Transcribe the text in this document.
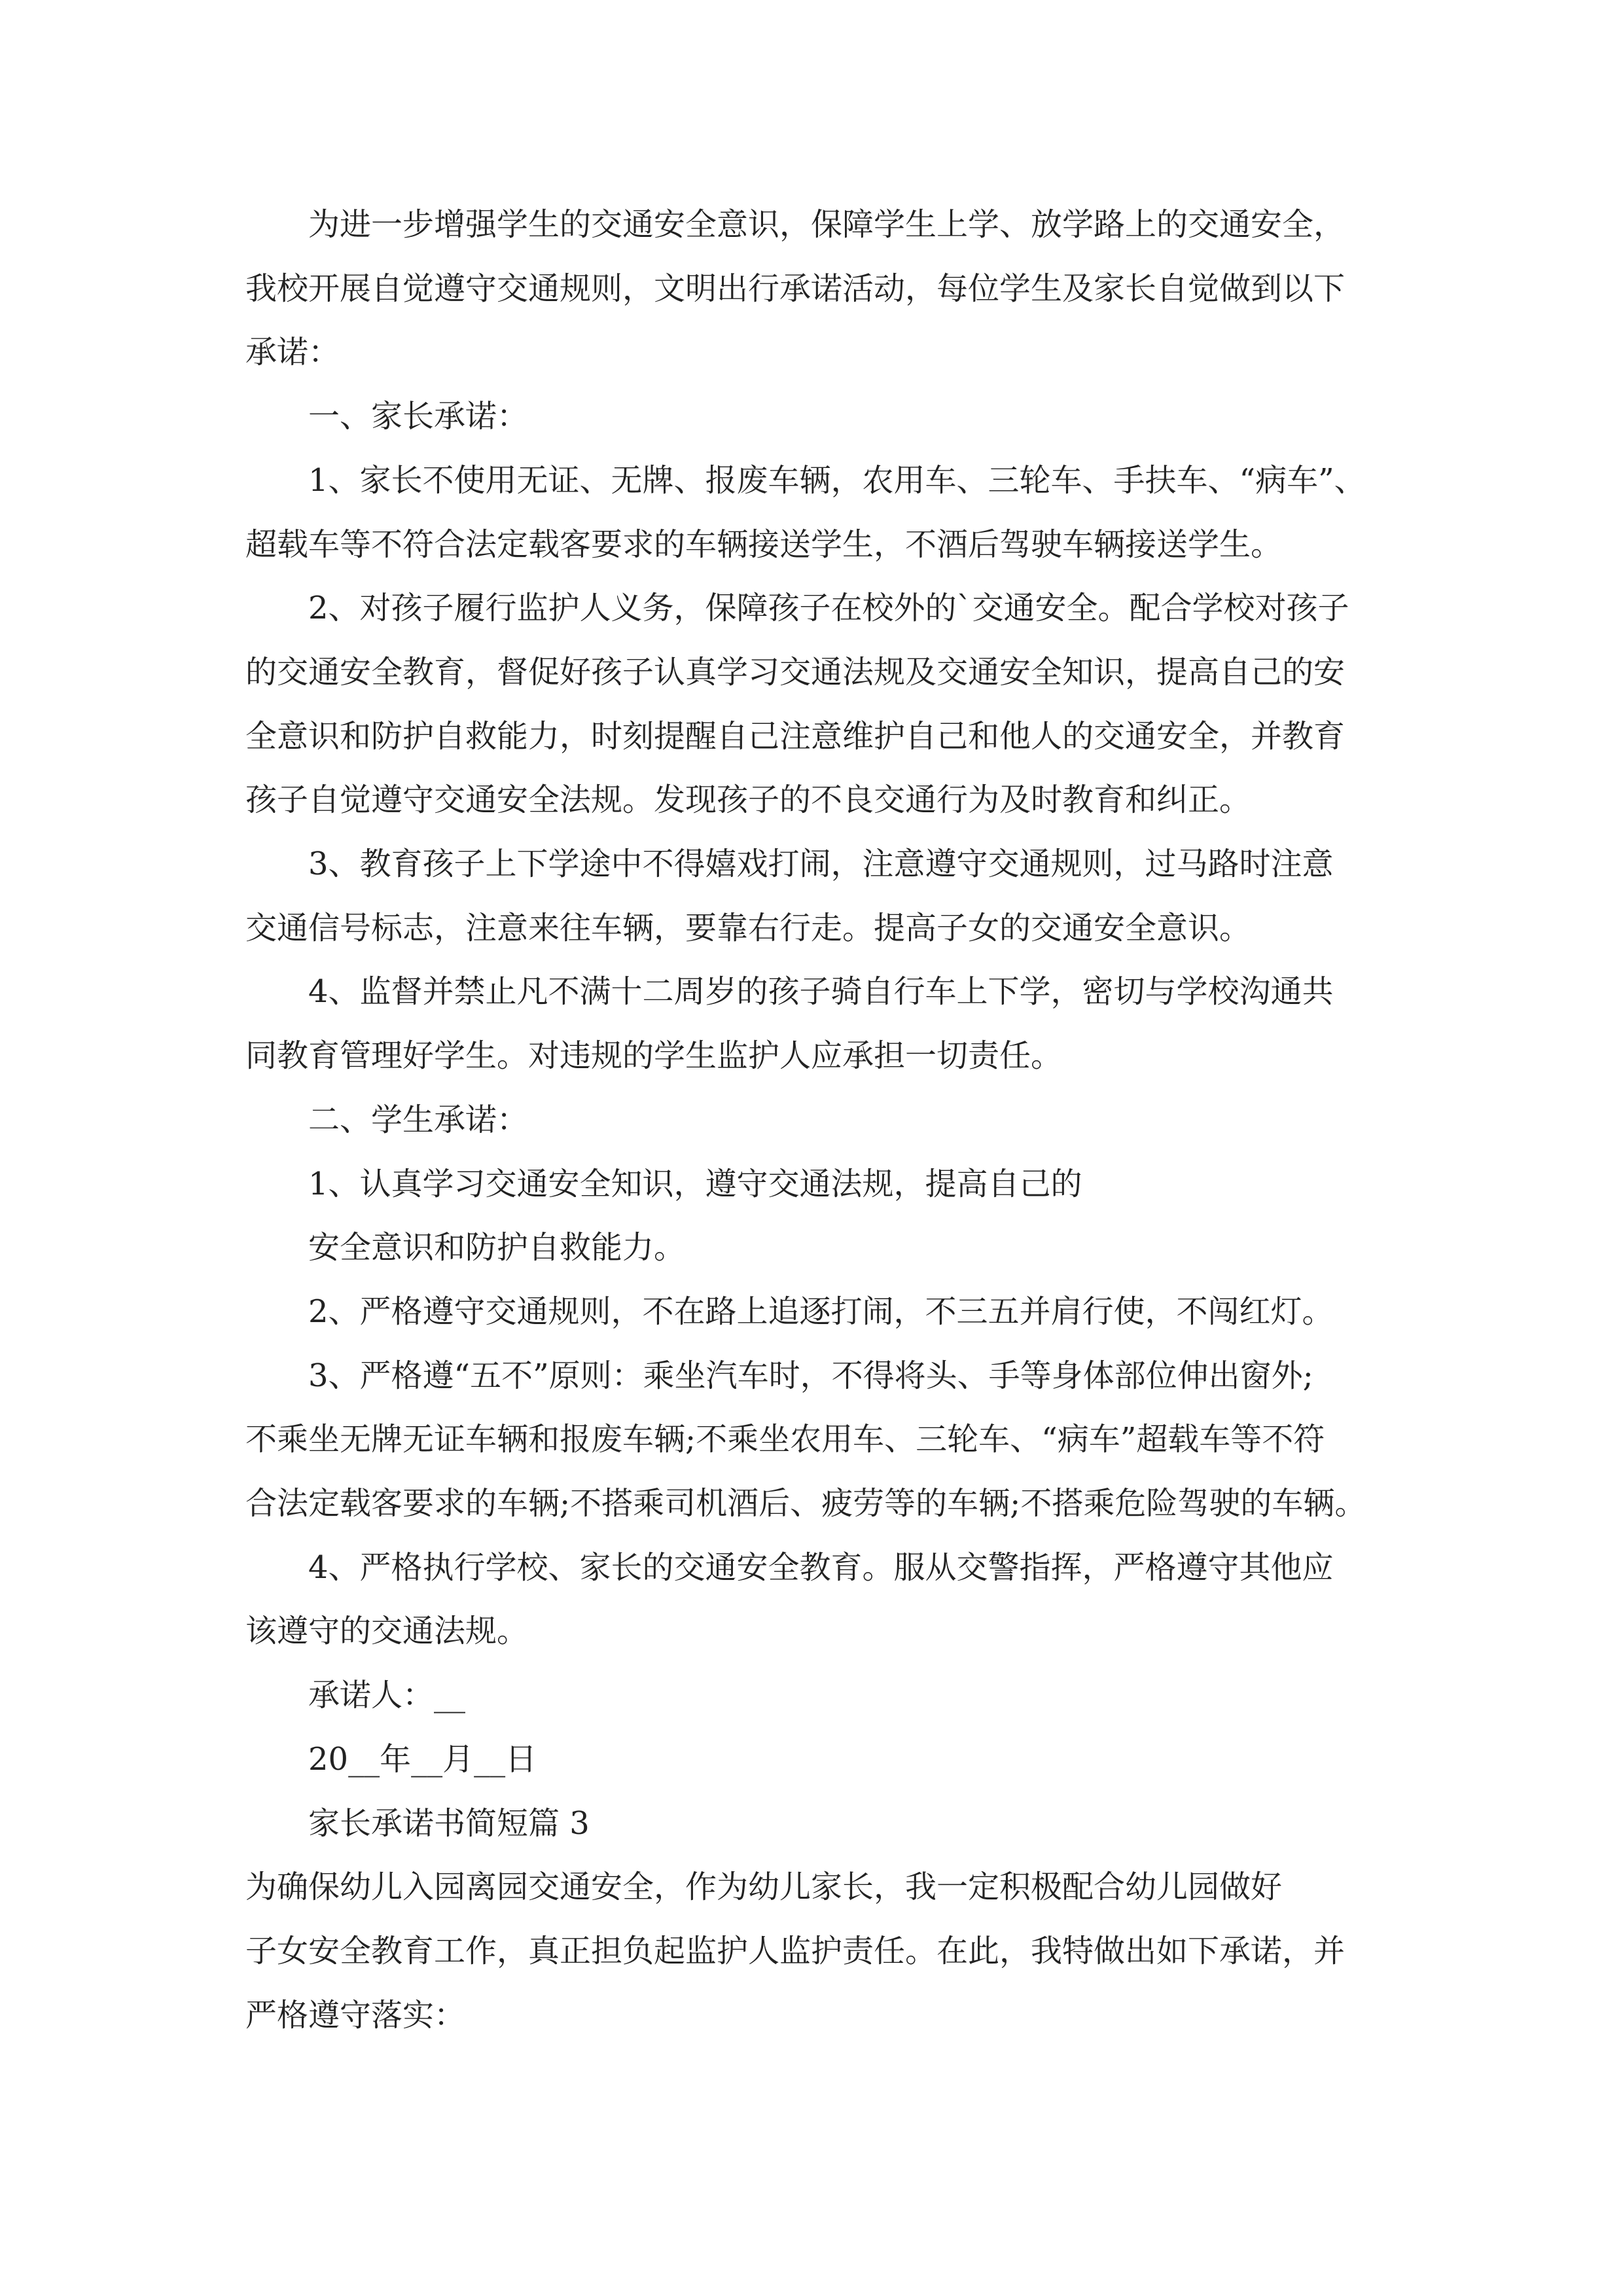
为进一步增强学生的交通安全意识，保障学生上学、放学路上的交通安全，

我校开展自觉遵守交通规则，文明出行承诺活动，每位学生及家长自觉做到以下

承诺：

一、家长承诺：

1、家长不使用无证、无牌、报废车辆，农用车、三轮车、手扶车、“病车”、

超载车等不符合法定载客要求的车辆接送学生，不酒后驾驶车辆接送学生。

2、对孩子履行监护人义务，保障孩子在校外的`交通安全。配合学校对孩子

的交通安全教育，督促好孩子认真学习交通法规及交通安全知识，提高自己的安

全意识和防护自救能力，时刻提醒自己注意维护自己和他人的交通安全，并教育

孩子自觉遵守交通安全法规。发现孩子的不良交通行为及时教育和纠正。

3、教育孩子上下学途中不得嬉戏打闹，注意遵守交通规则，过马路时注意

交通信号标志，注意来往车辆，要靠右行走。提高子女的交通安全意识。

4、监督并禁止凡不满十二周岁的孩子骑自行车上下学，密切与学校沟通共

同教育管理好学生。对违规的学生监护人应承担一切责任。

二、学生承诺：

1、认真学习交通安全知识，遵守交通法规，提高自己的

安全意识和防护自救能力。

2、严格遵守交通规则，不在路上追逐打闹，不三五并肩行使，不闯红灯。

3、严格遵“五不”原则：乘坐汽车时，不得将头、手等身体部位伸出窗外;

不乘坐无牌无证车辆和报废车辆;不乘坐农用车、三轮车、“病车”超载车等不符

合法定载客要求的车辆;不搭乘司机酒后、疲劳等的车辆;不搭乘危险驾驶的车辆。

4、严格执行学校、家长的交通安全教育。服从交警指挥，严格遵守其他应

该遵守的交通法规。

承诺人：__

20__年__月__日

家长承诺书简短篇 3

为确保幼儿入园离园交通安全，作为幼儿家长，我一定积极配合幼儿园做好

子女安全教育工作，真正担负起监护人监护责任。在此，我特做出如下承诺，并

严格遵守落实：
